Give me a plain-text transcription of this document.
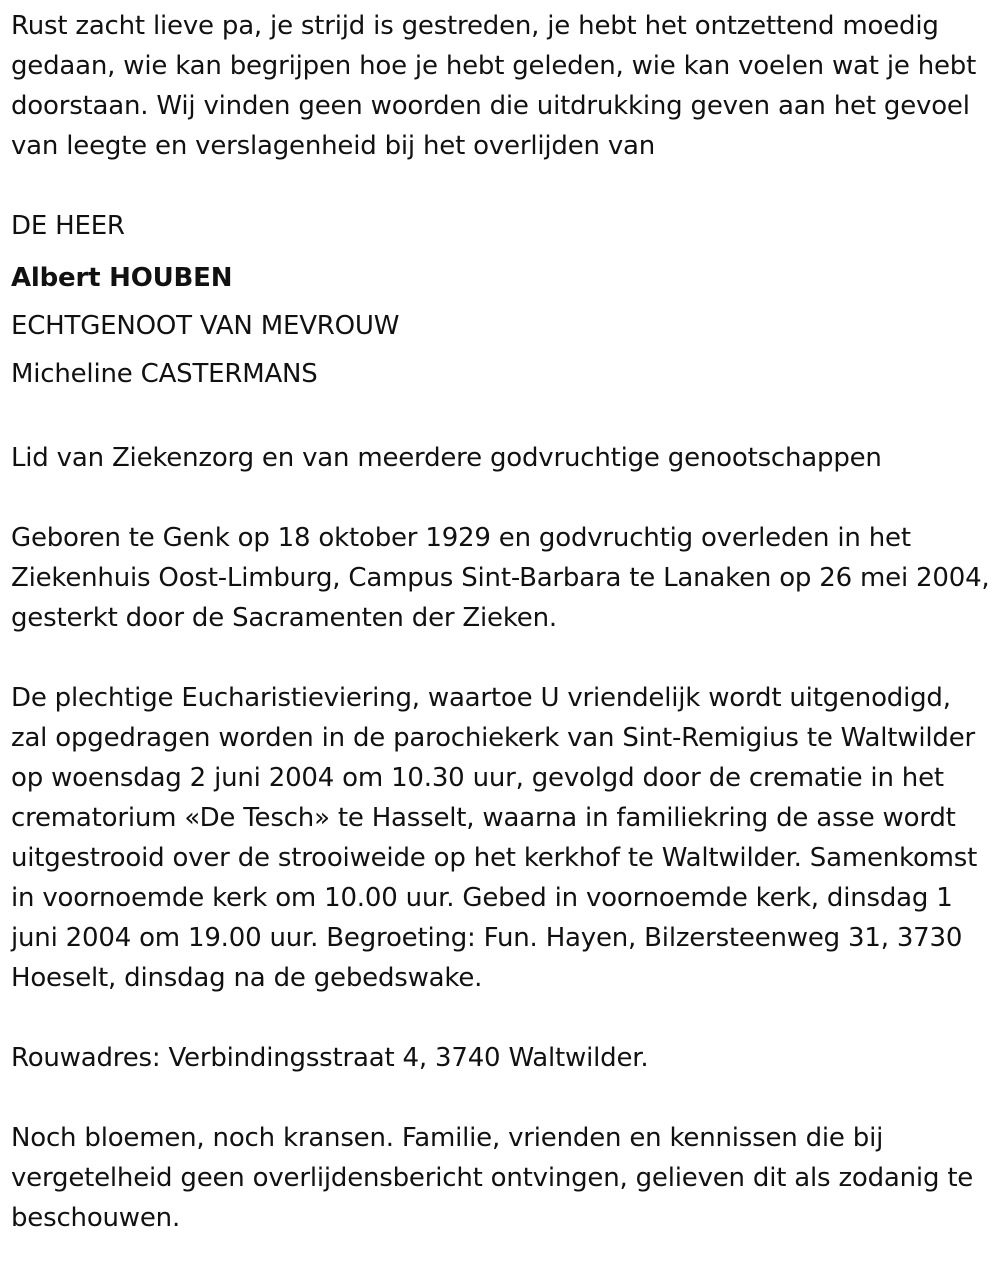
Rust zacht lieve pa, je strijd is gestreden, je hebt het ontzettend moedig gedaan, wie kan begrijpen hoe je hebt geleden, wie kan voelen wat je hebt doorstaan. Wij vinden geen woorden die uitdrukking geven aan het gevoel van leegte en verslagenheid bij het overlijden van

DE HEER
Albert HOUBEN
ECHTGENOOT VAN MEVROUW
Micheline CASTERMANS

Lid van Ziekenzorg en van meerdere godvruchtige genootschappen

Geboren te Genk op 18 oktober 1929 en godvruchtig overleden in het Ziekenhuis Oost-Limburg, Campus Sint-Barbara te Lanaken op 26 mei 2004, gesterkt door de Sacramenten der Zieken.

De plechtige Eucharistieviering, waartoe U vriendelijk wordt uitgenodigd, zal opgedragen worden in de parochiekerk van Sint-Remigius te Waltwilder op woensdag 2 juni 2004 om 10.30 uur, gevolgd door de crematie in het crematorium «De Tesch» te Hasselt, waarna in familiekring de asse wordt uitgestrooid over de strooiweide op het kerkhof te Waltwilder. Samenkomst in voornoemde kerk om 10.00 uur. Gebed in voornoemde kerk, dinsdag 1 juni 2004 om 19.00 uur. Begroeting: Fun. Hayen, Bilzersteenweg 31, 3730 Hoeselt, dinsdag na de gebedswake.

Rouwadres: Verbindingsstraat 4, 3740 Waltwilder.

Noch bloemen, noch kransen. Familie, vrienden en kennissen die bij vergetelheid geen overlijdensbericht ontvingen, gelieven dit als zodanig te beschouwen.
